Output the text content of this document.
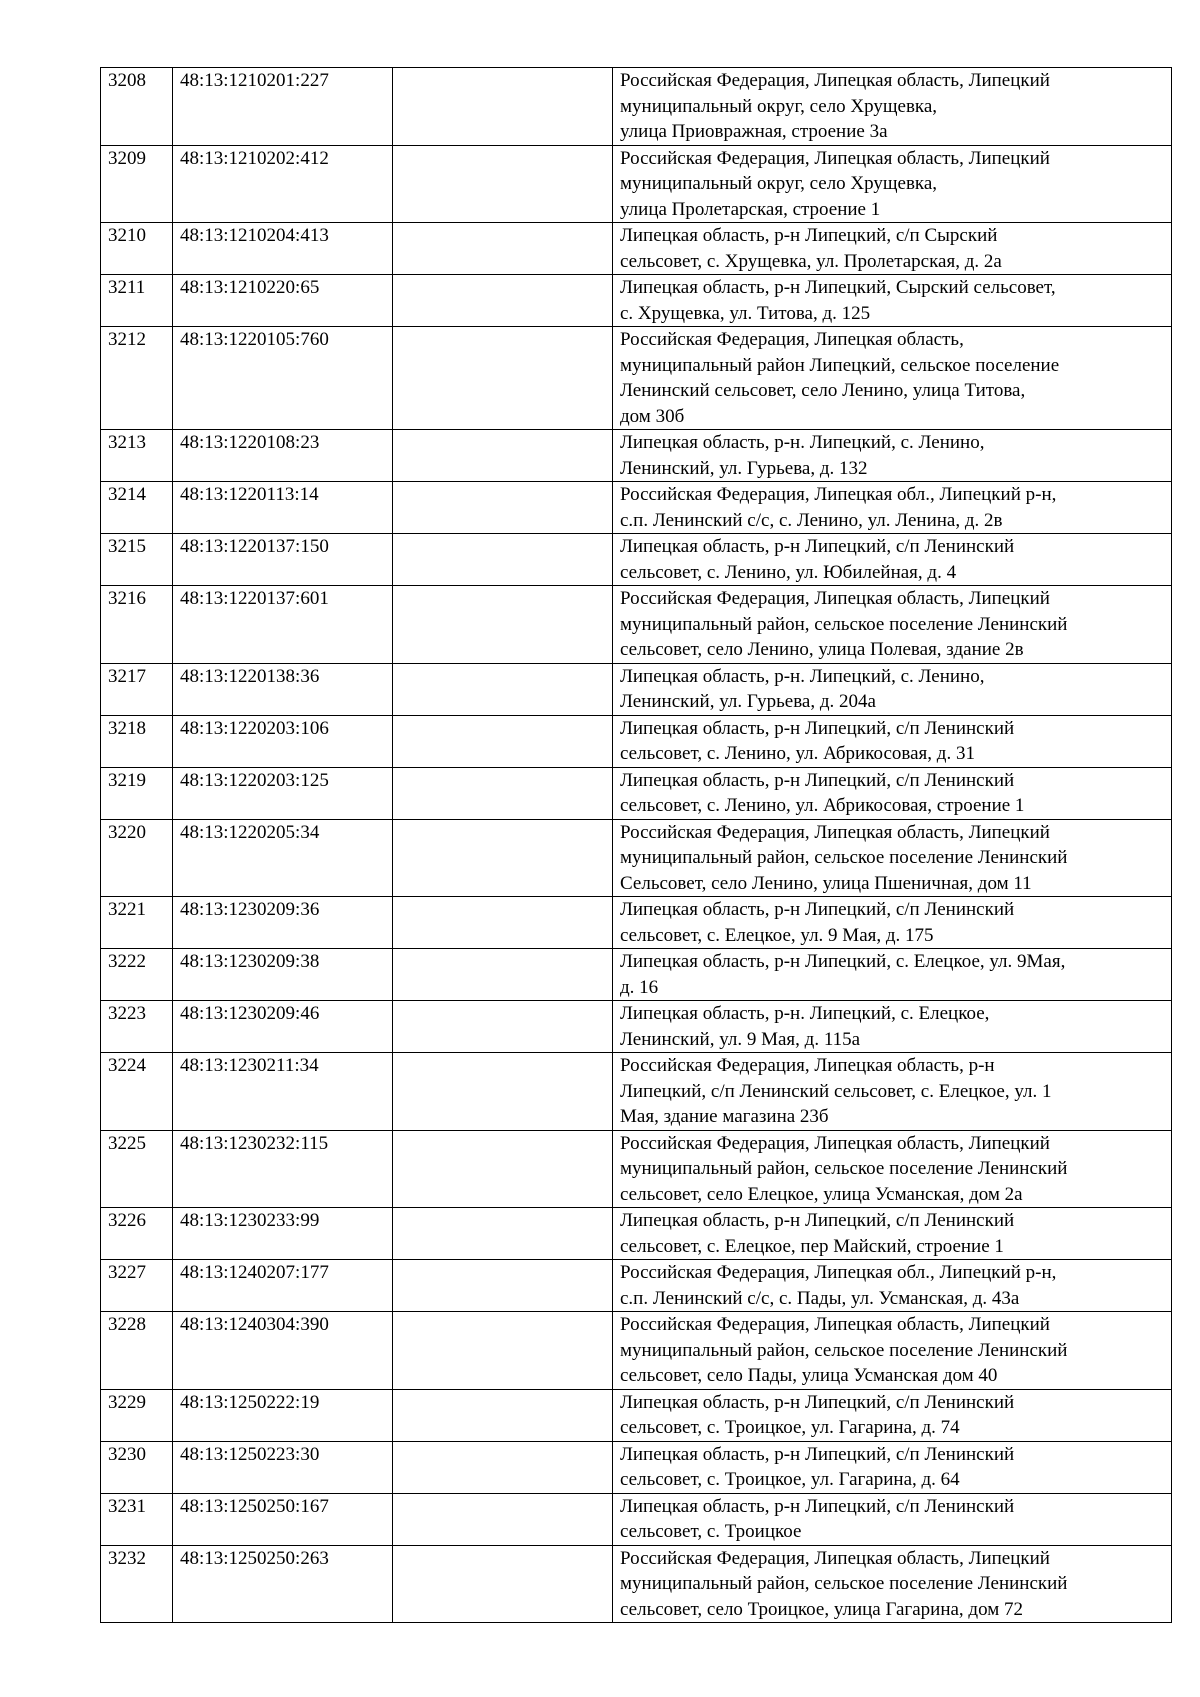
3208	48:13:1210201:227		Российская Федерация, Липецкая область, Липецкий
муниципальный округ, село Хрущевка,
улица Приовражная, строение 3а

3209	48:13:1210202:412		Российская Федерация, Липецкая область, Липецкий
муниципальный округ, село Хрущевка,
улица Пролетарская, строение 1

3210	48:13:1210204:413		Липецкая область, р-н Липецкий, с/п Сырский
сельсовет, с. Хрущевка, ул. Пролетарская, д. 2а

3211	48:13:1210220:65		Липецкая область, р-н Липецкий, Сырский сельсовет,
с. Хрущевка, ул. Титова, д. 125

3212	48:13:1220105:760		Российская Федерация, Липецкая область,
муниципальный район Липецкий, сельское поселение
Ленинский сельсовет, село Ленино, улица Титова,
дом 30б

3213	48:13:1220108:23		Липецкая область, р-н. Липецкий, с. Ленино,
Ленинский, ул. Гурьева, д. 132

3214	48:13:1220113:14		Российская Федерация, Липецкая обл., Липецкий р-н,
с.п. Ленинский с/с, с. Ленино, ул. Ленина, д. 2в

3215	48:13:1220137:150		Липецкая область, р-н Липецкий, с/п Ленинский
сельсовет, с. Ленино, ул. Юбилейная, д. 4

3216	48:13:1220137:601		Российская Федерация, Липецкая область, Липецкий
муниципальный район, сельское поселение Ленинский
сельсовет, село Ленино, улица Полевая, здание 2в

3217	48:13:1220138:36		Липецкая область, р-н. Липецкий, с. Ленино,
Ленинский, ул. Гурьева, д. 204а

3218	48:13:1220203:106		Липецкая область, р-н Липецкий, с/п Ленинский
сельсовет, с. Ленино, ул. Абрикосовая, д. 31

3219	48:13:1220203:125		Липецкая область, р-н Липецкий, с/п Ленинский
сельсовет, с. Ленино, ул. Абрикосовая, строение 1

3220	48:13:1220205:34		Российская Федерация, Липецкая область, Липецкий
муниципальный район, сельское поселение Ленинский
Сельсовет, село Ленино, улица Пшеничная, дом 11

3221	48:13:1230209:36		Липецкая область, р-н Липецкий, с/п Ленинский
сельсовет, с. Елецкое, ул. 9 Мая, д. 175

3222	48:13:1230209:38		Липецкая область, р-н Липецкий, с. Елецкое, ул. 9Мая,
д. 16

3223	48:13:1230209:46		Липецкая область, р-н. Липецкий, с. Елецкое,
Ленинский, ул. 9 Мая, д. 115а

3224	48:13:1230211:34		Российская Федерация, Липецкая область, р-н
Липецкий, с/п Ленинский сельсовет, с. Елецкое, ул. 1
Мая, здание магазина 23б

3225	48:13:1230232:115		Российская Федерация, Липецкая область, Липецкий
муниципальный район, сельское поселение Ленинский
сельсовет, село Елецкое, улица Усманская, дом 2а

3226	48:13:1230233:99		Липецкая область, р-н Липецкий, с/п Ленинский
сельсовет, с. Елецкое, пер Майский, строение 1

3227	48:13:1240207:177		Российская Федерация, Липецкая обл., Липецкий р-н,
с.п. Ленинский с/с, с. Пады, ул. Усманская, д. 43а

3228	48:13:1240304:390		Российская Федерация, Липецкая область, Липецкий
муниципальный район, сельское поселение Ленинский
сельсовет, село Пады, улица Усманская дом 40

3229	48:13:1250222:19		Липецкая область, р-н Липецкий, с/п Ленинский
сельсовет, с. Троицкое, ул. Гагарина, д. 74

3230	48:13:1250223:30		Липецкая область, р-н Липецкий, с/п Ленинский
сельсовет, с. Троицкое, ул. Гагарина, д. 64

3231	48:13:1250250:167		Липецкая область, р-н Липецкий, с/п Ленинский
сельсовет, с. Троицкое

3232	48:13:1250250:263		Российская Федерация, Липецкая область, Липецкий
муниципальный район, сельское поселение Ленинский
сельсовет, село Троицкое, улица Гагарина, дом 72
